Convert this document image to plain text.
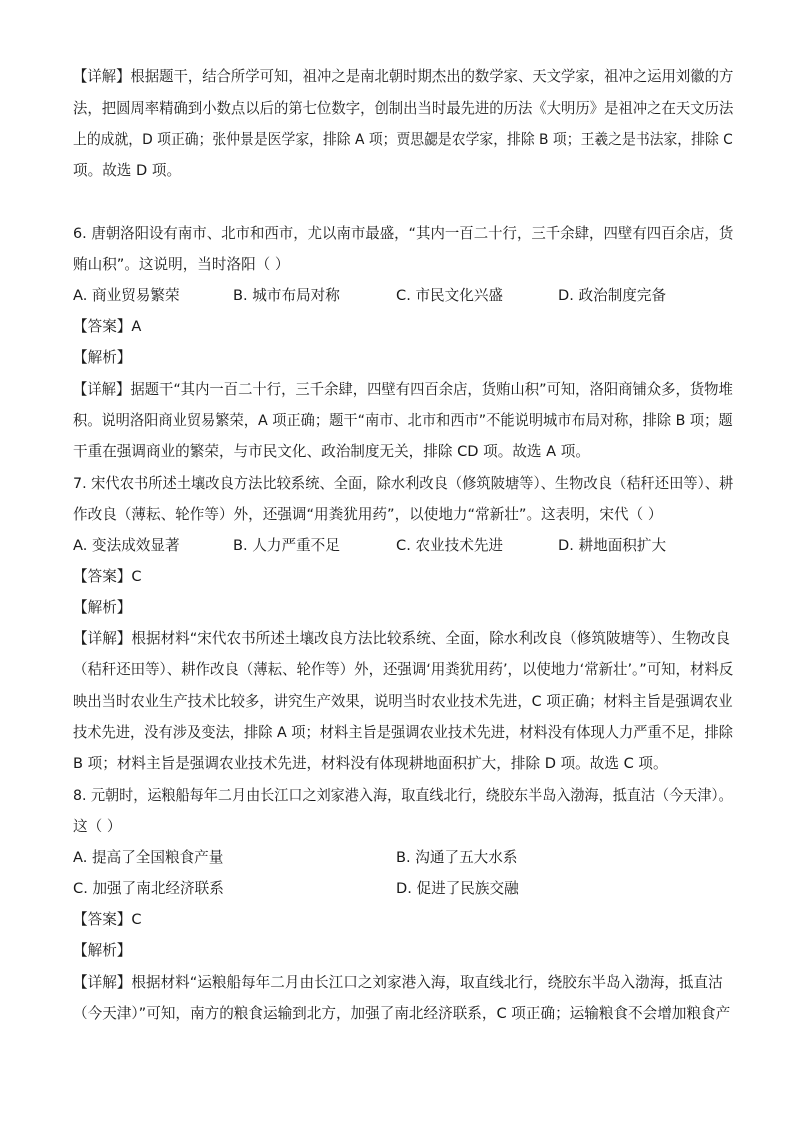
【详解】根据题干，结合所学可知，祖冲之是南北朝时期杰出的数学家、天文学家，祖冲之运用刘徽的方
法，把圆周率精确到小数点以后的第七位数字，创制出当时最先进的历法《大明历》是祖冲之在天文历法
上的成就，D 项正确；张仲景是医学家，排除 A 项；贾思勰是农学家，排除 B 项；王羲之是书法家，排除 C
项。故选 D 项。
6. 唐朝洛阳设有南市、北市和西市，尤以南市最盛，“其内一百二十行，三千余肆，四壁有四百余店，货
贿山积”。这说明，当时洛阳（ ）
A. 商业贸易繁荣	B. 城市布局对称	C. 市民文化兴盛	D. 政治制度完备
【答案】A
【解析】
【详解】据题干“其内一百二十行，三千余肆，四壁有四百余店，货贿山积”可知，洛阳商铺众多，货物堆
积。说明洛阳商业贸易繁荣，A 项正确；题干“南市、北市和西市”不能说明城市布局对称，排除 B 项；题
干重在强调商业的繁荣，与市民文化、政治制度无关，排除 CD 项。故选 A 项。
7. 宋代农书所述土壤改良方法比较系统、全面，除水利改良（修筑陂塘等）、生物改良（秸秆还田等）、耕
作改良（薄耘、轮作等）外，还强调“用粪犹用药”，以使地力“常新壮”。这表明，宋代（ ）
A. 变法成效显著	B. 人力严重不足	C. 农业技术先进	D. 耕地面积扩大
【答案】C
【解析】
【详解】根据材料“宋代农书所述土壤改良方法比较系统、全面，除水利改良（修筑陂塘等）、生物改良
（秸秆还田等）、耕作改良（薄耘、轮作等）外，还强调‘用粪犹用药’，以使地力‘常新壮’。”可知，材料反
映出当时农业生产技术比较多，讲究生产效果，说明当时农业技术先进，C 项正确；材料主旨是强调农业
技术先进，没有涉及变法，排除 A 项；材料主旨是强调农业技术先进，材料没有体现人力严重不足，排除
B 项；材料主旨是强调农业技术先进，材料没有体现耕地面积扩大，排除 D 项。故选 C 项。
8. 元朝时，运粮船每年二月由长江口之刘家港入海，取直线北行，绕胶东半岛入渤海，抵直沽（今天津）。
这（ ）
A. 提高了全国粮食产量	B. 沟通了五大水系
C. 加强了南北经济联系	D. 促进了民族交融
【答案】C
【解析】
【详解】根据材料“运粮船每年二月由长江口之刘家港入海，取直线北行，绕胶东半岛入渤海，抵直沽
（今天津）”可知，南方的粮食运输到北方，加强了南北经济联系，C 项正确；运输粮食不会增加粮食产
